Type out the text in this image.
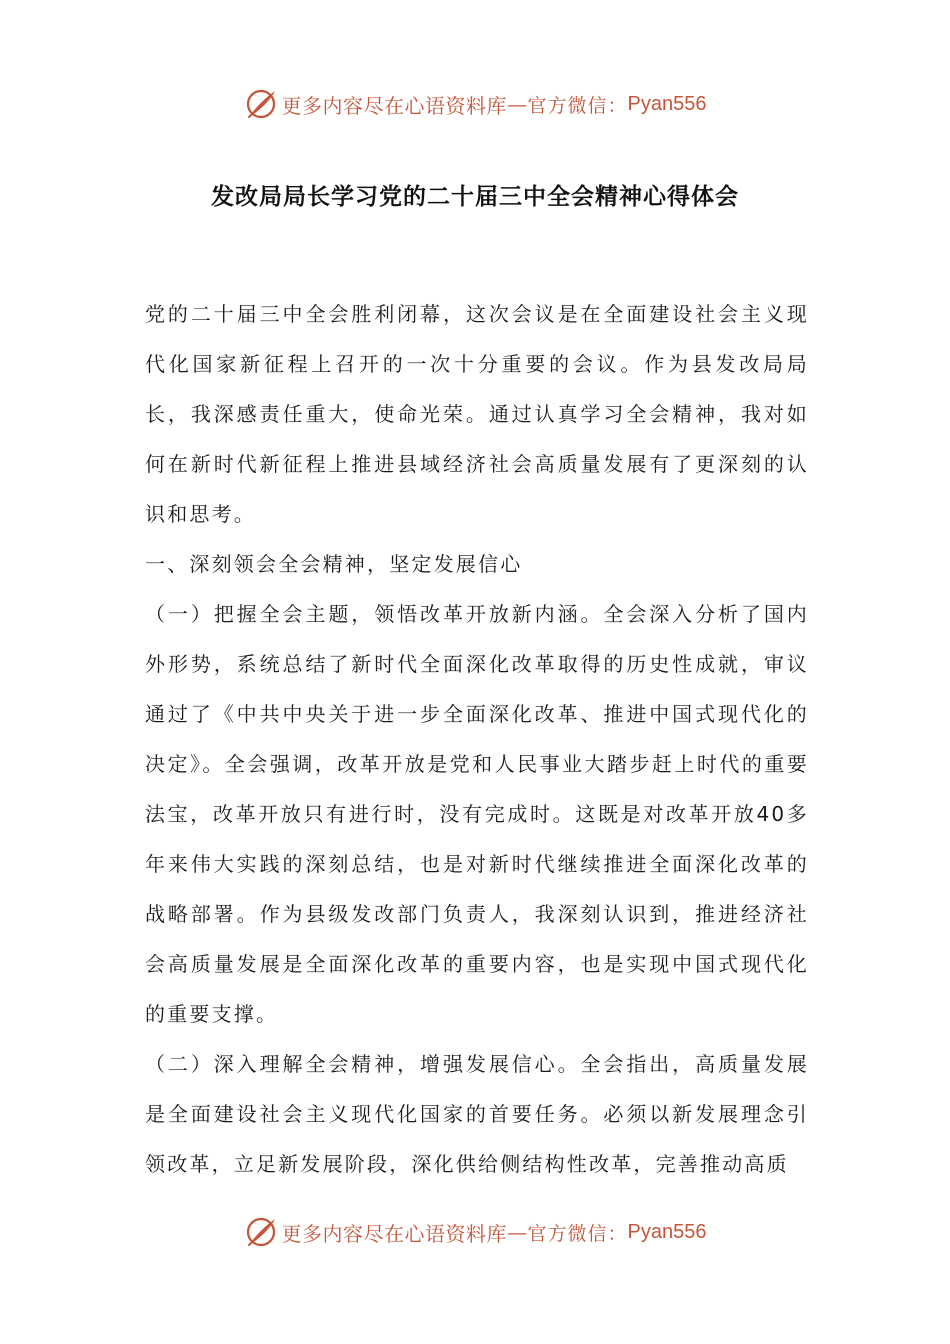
更多内容尽在心语资料库 — 官方微信： Pyan556
发改局局长学习党的二十届三中全会精神心得体会

党的二十届三中全会胜利闭幕，这次会议是在全面建设社会主义现代化国家新征程上召开的一次十分重要的会议。作为县发改局局长，我深感责任重大，使命光荣。通过认真学习全会精神，我对如何在新时代新征程上推进县域经济社会高质量发展有了更深刻的认识和思考。

一、深刻领会全会精神，坚定发展信心

（一）把握全会主题，领悟改革开放新内涵。全会深入分析了国内外形势，系统总结了新时代全面深化改革取得的历史性成就，审议通过了《中共中央关于进一步全面深化改革、推进中国式现代化的决定》。全会强调，改革开放是党和人民事业大踏步赶上时代的重要法宝，改革开放只有进行时，没有完成时。这既是对改革开放40多年来伟大实践的深刻总结，也是对新时代继续推进全面深化改革的战略部署。作为县级发改部门负责人，我深刻认识到，推进经济社会高质量发展是全面深化改革的重要内容，也是实现中国式现代化的重要支撑。

（二）深入理解全会精神，增强发展信心。全会指出，高质量发展是全面建设社会主义现代化国家的首要任务。必须以新发展理念引领改革，立足新发展阶段，深化供给侧结构性改革，完善推动高质

更多内容尽在心语资料库 — 官方微信： Pyan556
